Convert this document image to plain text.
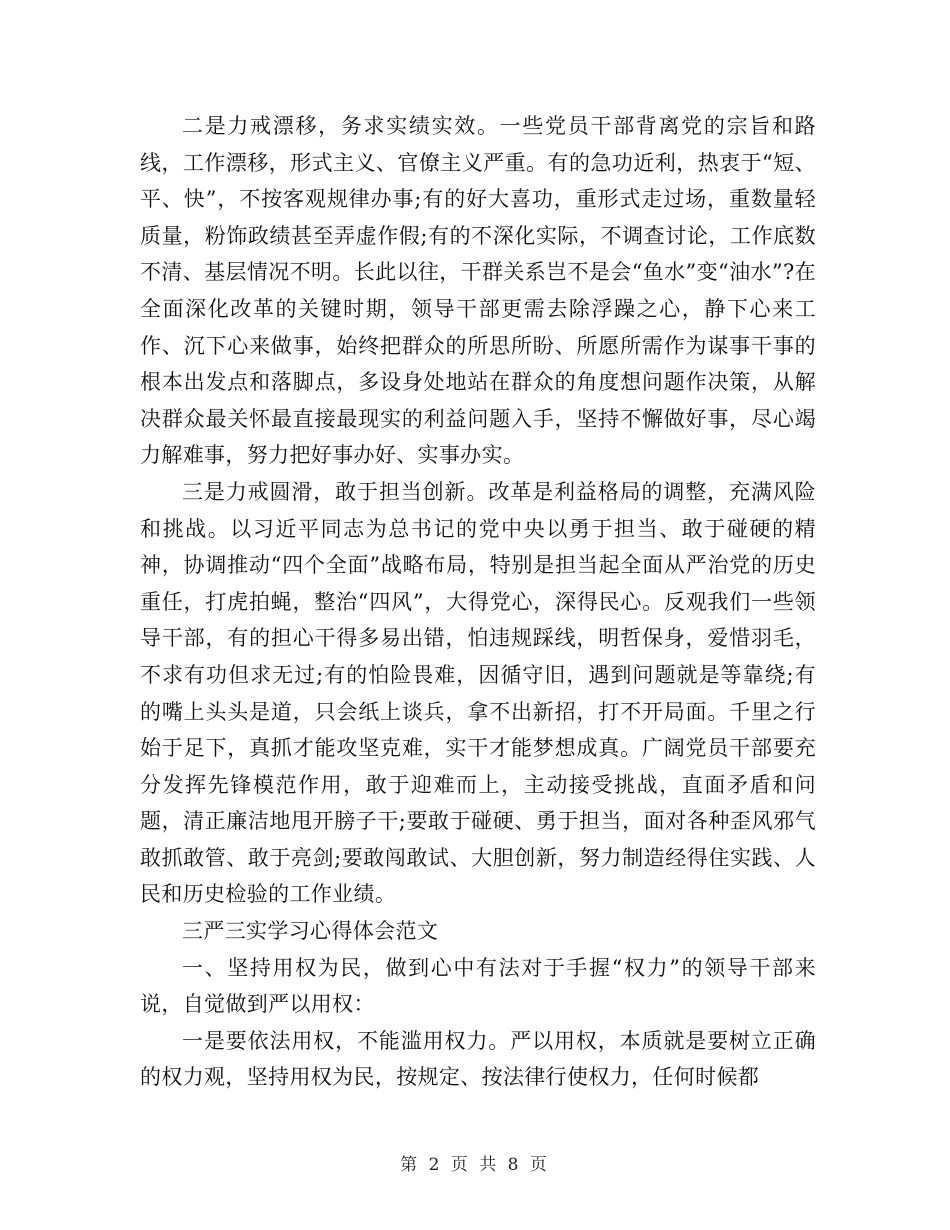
二是力戒漂移，务求实绩实效。一些党员干部背离党的宗旨和路线，工作漂移，形式主义、官僚主义严重。有的急功近利，热衷于“短、平、快”，不按客观规律办事;有的好大喜功，重形式走过场，重数量轻质量，粉饰政绩甚至弄虚作假;有的不深化实际，不调查讨论，工作底数不清、基层情况不明。长此以往，干群关系岂不是会“鱼水”变“油水”?在全面深化改革的关键时期，领导干部更需去除浮躁之心，静下心来工作、沉下心来做事，始终把群众的所思所盼、所愿所需作为谋事干事的根本出发点和落脚点，多设身处地站在群众的角度想问题作决策，从解决群众最关怀最直接最现实的利益问题入手，坚持不懈做好事，尽心竭力解难事，努力把好事办好、实事办实。

三是力戒圆滑，敢于担当创新。改革是利益格局的调整，充满风险和挑战。以习近平同志为总书记的党中央以勇于担当、敢于碰硬的精神，协调推动“四个全面”战略布局，特别是担当起全面从严治党的历史重任，打虎拍蝇，整治“四风”，大得党心，深得民心。反观我们一些领导干部，有的担心干得多易出错，怕违规踩线，明哲保身，爱惜羽毛，不求有功但求无过;有的怕险畏难，因循守旧，遇到问题就是等靠绕;有的嘴上头头是道，只会纸上谈兵，拿不出新招，打不开局面。千里之行始于足下，真抓才能攻坚克难，实干才能梦想成真。广阔党员干部要充分发挥先锋模范作用，敢于迎难而上，主动接受挑战，直面矛盾和问题，清正廉洁地甩开膀子干;要敢于碰硬、勇于担当，面对各种歪风邪气敢抓敢管、敢于亮剑;要敢闯敢试、大胆创新，努力制造经得住实践、人民和历史检验的工作业绩。

三严三实学习心得体会范文

一、坚持用权为民，做到心中有法对于手握“权力”的领导干部来说，自觉做到严以用权：

一是要依法用权，不能滥用权力。严以用权，本质就是要树立正确的权力观，坚持用权为民，按规定、按法律行使权力，任何时候都

第 2 页 共 8 页
